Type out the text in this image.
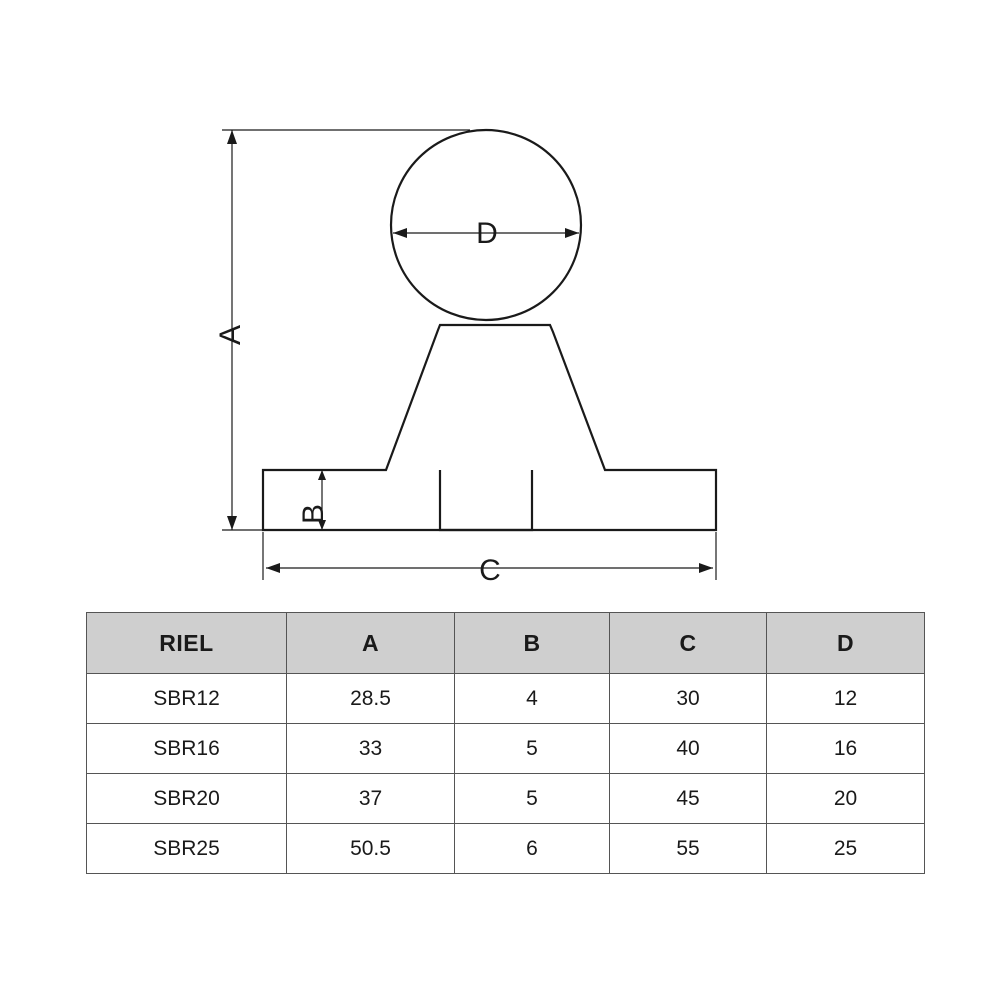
A
B
C
D
RIEL	A	B	C	D
SBR12	28.5	4	30	12
SBR16	33	5	40	16
SBR20	37	5	45	20
SBR25	50.5	6	55	25
